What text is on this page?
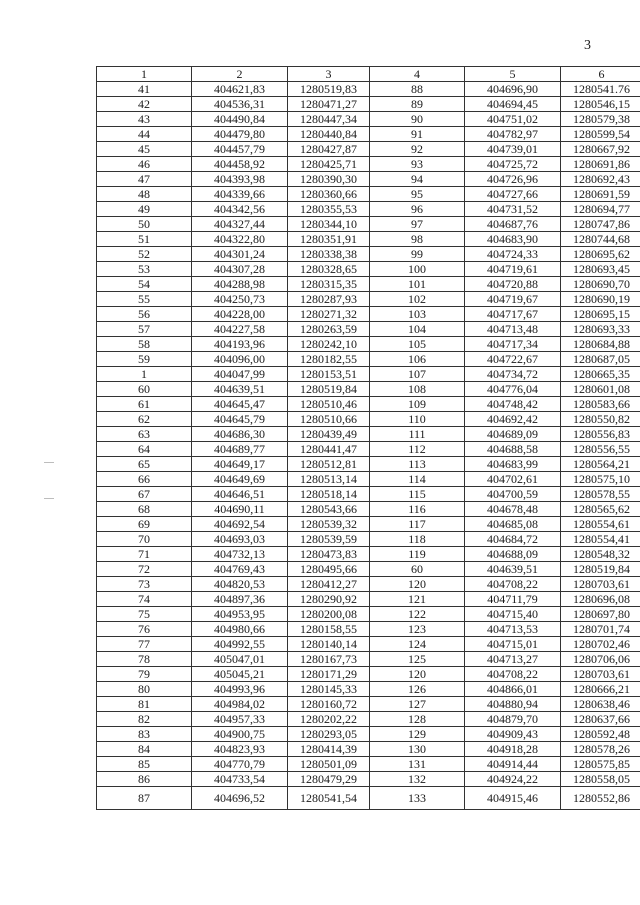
3
1	2	3	4	5	6
41	404621,83	1280519,83	88	404696,90	1280541.76
42	404536,31	1280471,27	89	404694,45	1280546,15
43	404490,84	1280447,34	90	404751,02	1280579,38
44	404479,80	1280440,84	91	404782,97	1280599,54
45	404457,79	1280427,87	92	404739,01	1280667,92
46	404458,92	1280425,71	93	404725,72	1280691,86
47	404393,98	1280390,30	94	404726,96	1280692,43
48	404339,66	1280360,66	95	404727,66	1280691,59
49	404342,56	1280355,53	96	404731,52	1280694,77
50	404327,44	1280344,10	97	404687,76	1280747,86
51	404322,80	1280351,91	98	404683,90	1280744,68
52	404301,24	1280338,38	99	404724,33	1280695,62
53	404307,28	1280328,65	100	404719,61	1280693,45
54	404288,98	1280315,35	101	404720,88	1280690,70
55	404250,73	1280287,93	102	404719,67	1280690,19
56	404228,00	1280271,32	103	404717,67	1280695,15
57	404227,58	1280263,59	104	404713,48	1280693,33
58	404193,96	1280242,10	105	404717,34	1280684,88
59	404096,00	1280182,55	106	404722,67	1280687,05
1	404047,99	1280153,51	107	404734,72	1280665,35
60	404639,51	1280519,84	108	404776,04	1280601,08
61	404645,47	1280510,46	109	404748,42	1280583,66
62	404645,79	1280510,66	110	404692,42	1280550,82
63	404686,30	1280439,49	111	404689,09	1280556,83
64	404689,77	1280441,47	112	404688,58	1280556,55
65	404649,17	1280512,81	113	404683,99	1280564,21
66	404649,69	1280513,14	114	404702,61	1280575,10
67	404646,51	1280518,14	115	404700,59	1280578,55
68	404690,11	1280543,66	116	404678,48	1280565,62
69	404692,54	1280539,32	117	404685,08	1280554,61
70	404693,03	1280539,59	118	404684,72	1280554,41
71	404732,13	1280473,83	119	404688,09	1280548,32
72	404769,43	1280495,66	60	404639,51	1280519,84
73	404820,53	1280412,27	120	404708,22	1280703,61
74	404897,36	1280290,92	121	404711,79	1280696,08
75	404953,95	1280200,08	122	404715,40	1280697,80
76	404980,66	1280158,55	123	404713,53	1280701,74
77	404992,55	1280140,14	124	404715,01	1280702,46
78	405047,01	1280167,73	125	404713,27	1280706,06
79	405045,21	1280171,29	120	404708,22	1280703,61
80	404993,96	1280145,33	126	404866,01	1280666,21
81	404984,02	1280160,72	127	404880,94	1280638,46
82	404957,33	1280202,22	128	404879,70	1280637,66
83	404900,75	1280293,05	129	404909,43	1280592,48
84	404823,93	1280414,39	130	404918,28	1280578,26
85	404770,79	1280501,09	131	404914,44	1280575,85
86	404733,54	1280479,29	132	404924,22	1280558,05
87	404696,52	1280541,54	133	404915,46	1280552,86
